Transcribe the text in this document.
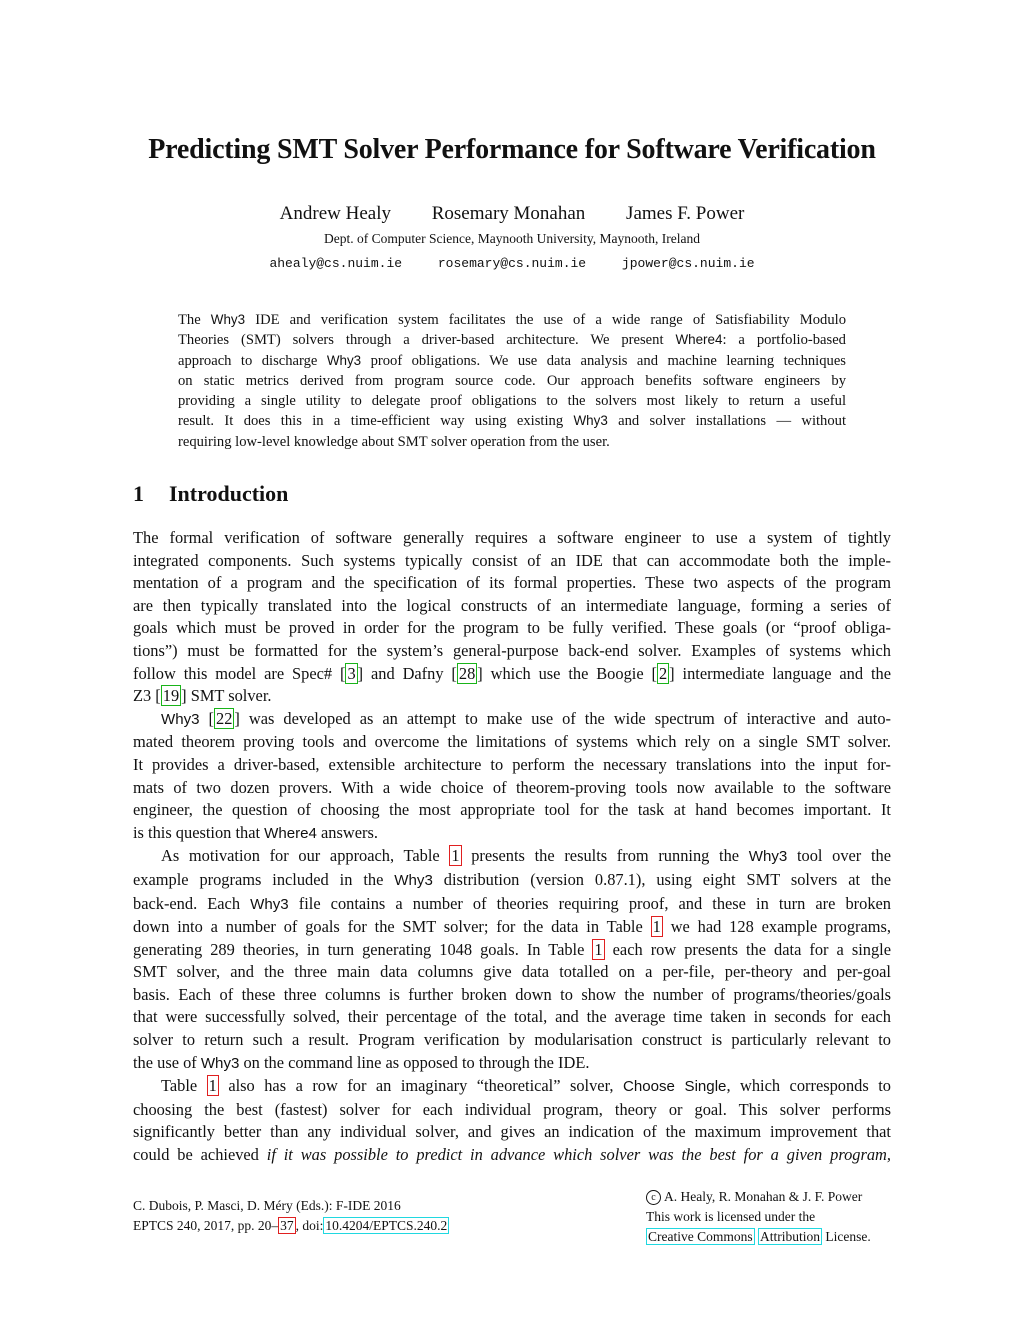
Predicting SMT Solver Performance for Software Verification
Andrew Healy Rosemary Monahan James F. Power
Dept. of Computer Science, Maynooth University, Maynooth, Ireland
ahealy@cs.nuim.ie	rosemary@cs.nuim.ie	jpower@cs.nuim.ie
The Why3 IDE and verification system facilitates the use of a wide range of Satisfiability Modulo
Theories (SMT) solvers through a driver-based architecture. We present Where4: a portfolio-based
approach to discharge Why3 proof obligations. We use data analysis and machine learning techniques
on static metrics derived from program source code. Our approach benefits software engineers by
providing a single utility to delegate proof obligations to the solvers most likely to return a useful
result. It does this in a time-efficient way using existing Why3 and solver installations — without
requiring low-level knowledge about SMT solver operation from the user.
1 Introduction
The formal verification of software generally requires a software engineer to use a system of tightly
integrated components. Such systems typically consist of an IDE that can accommodate both the imple-
mentation of a program and the specification of its formal properties. These two aspects of the program
are then typically translated into the logical constructs of an intermediate language, forming a series of
goals which must be proved in order for the program to be fully verified. These goals (or “proof obliga-
tions”) must be formatted for the system’s general-purpose back-end solver. Examples of systems which
follow this model are Spec# [ 3 ] and Dafny [ 28 ] which use the Boogie [ 2 ] intermediate language and the
Z3 [ 19 ] SMT solver.
Why3 [ 22 ] was developed as an attempt to make use of the wide spectrum of interactive and auto-
mated theorem proving tools and overcome the limitations of systems which rely on a single SMT solver.
It provides a driver-based, extensible architecture to perform the necessary translations into the input for-
mats of two dozen provers. With a wide choice of theorem-proving tools now available to the software
engineer, the question of choosing the most appropriate tool for the task at hand becomes important. It
is this question that Where4 answers.
As motivation for our approach, Table 1 presents the results from running the Why3 tool over the
example programs included in the Why3 distribution (version 0.87.1), using eight SMT solvers at the
back-end. Each Why3 file contains a number of theories requiring proof, and these in turn are broken
down into a number of goals for the SMT solver; for the data in Table 1 we had 128 example programs,
generating 289 theories, in turn generating 1048 goals. In Table 1 each row presents the data for a single
SMT solver, and the three main data columns give data totalled on a per-file, per-theory and per-goal
basis. Each of these three columns is further broken down to show the number of programs/theories/goals
that were successfully solved, their percentage of the total, and the average time taken in seconds for each
solver to return such a result. Program verification by modularisation construct is particularly relevant to
the use of Why3 on the command line as opposed to through the IDE.
Table 1 also has a row for an imaginary “theoretical” solver, Choose Single, which corresponds to
choosing the best (fastest) solver for each individual program, theory or goal. This solver performs
significantly better than any individual solver, and gives an indication of the maximum improvement that
could be achieved if it was possible to predict in advance which solver was the best for a given program,
C. Dubois, P. Masci, D. Méry (Eds.): F-IDE 2016
EPTCS 240, 2017, pp. 20– 37 , doi: 10.4204/EPTCS.240.2
c A. Healy, R. Monahan & J. F. Power
This work is licensed under the
Creative Commons Attribution License.
